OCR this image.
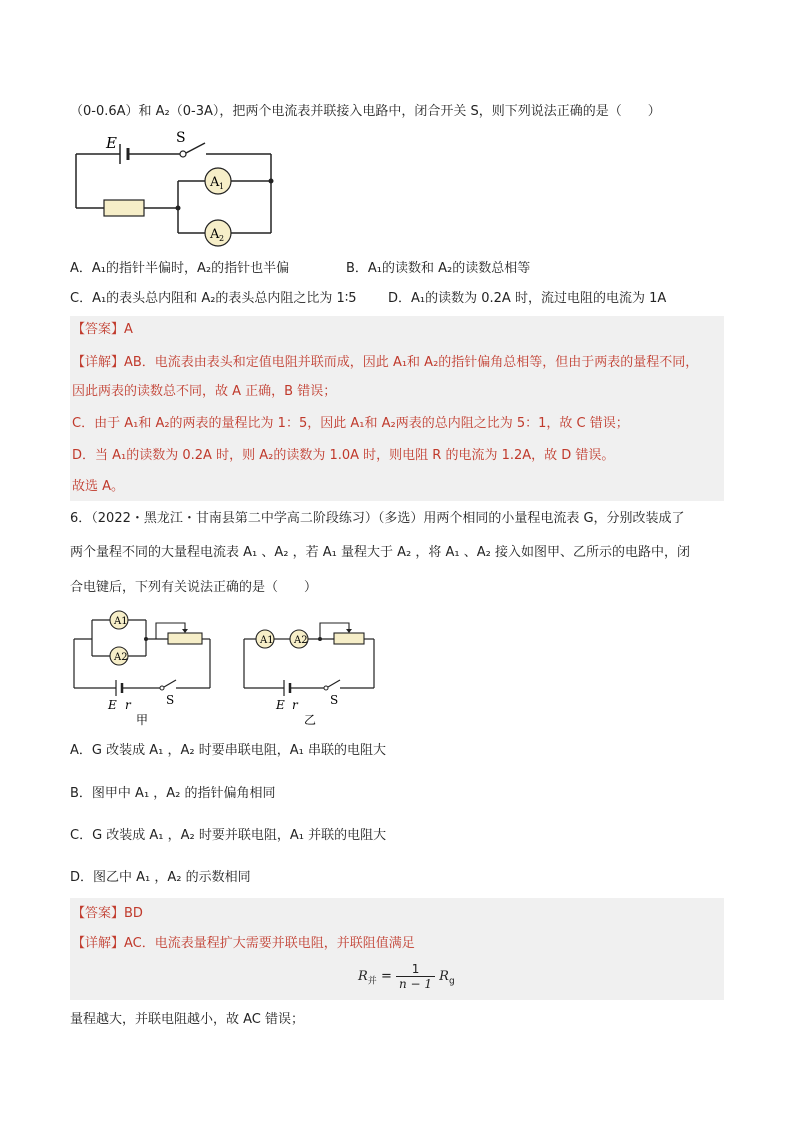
（0-0.6A）和 A₂（0-3A），把两个电流表并联接入电路中，闭合开关 S，则下列说法正确的是（　　）
E	S
A 1
A 2
A．A₁的指针半偏时，A₂的指针也半偏	B．A₁的读数和 A₂的读数总相等
C．A₁的表头总内阻和 A₂的表头总内阻之比为 1∶5 D．A₁的读数为 0.2A 时，流过电阻的电流为 1A
【答案】A
【详解】AB．电流表由表头和定值电阻并联而成，因此 A₁和 A₂的指针偏角总相等，但由于两表的量程不同，
因此两表的读数总不同，故 A 正确，B 错误；
C．由于 A₁和 A₂的两表的量程比为 1：5，因此 A₁和 A₂两表的总内阻之比为 5：1，故 C 错误；
D．当 A₁的读数为 0.2A 时，则 A₂的读数为 1.0A 时，则电阻 R 的电流为 1.2A，故 D 错误。
故选 A。
6．（2022・黑龙江・甘南县第二中学高二阶段练习）（多选）用两个相同的小量程电流表 G，分别改装成了
两个量程不同的大量程电流表 A₁ 、A₂ ，若 A₁ 量程大于 A₂ ，将 A₁ 、A₂ 接入如图甲、乙所示的电路中，闭
合电键后，下列有关说法正确的是（　　）
A1
A2
E r	S
甲
A1 A2
E r	S
乙
A．G 改装成 A₁ ，A₂ 时要串联电阻，A₁ 串联的电阻大
B．图甲中 A₁ ，A₂ 的指针偏角相同
C．G 改装成 A₁ ，A₂ 时要并联电阻，A₁ 并联的电阻大
D．图乙中 A₁ ，A₂ 的示数相同
【答案】BD
【详解】AC．电流表量程扩大需要并联电阻，并联阻值满足
$R_并 = \frac{1}{n - 1} R_g$
量程越大，并联电阻越小，故 AC 错误；
